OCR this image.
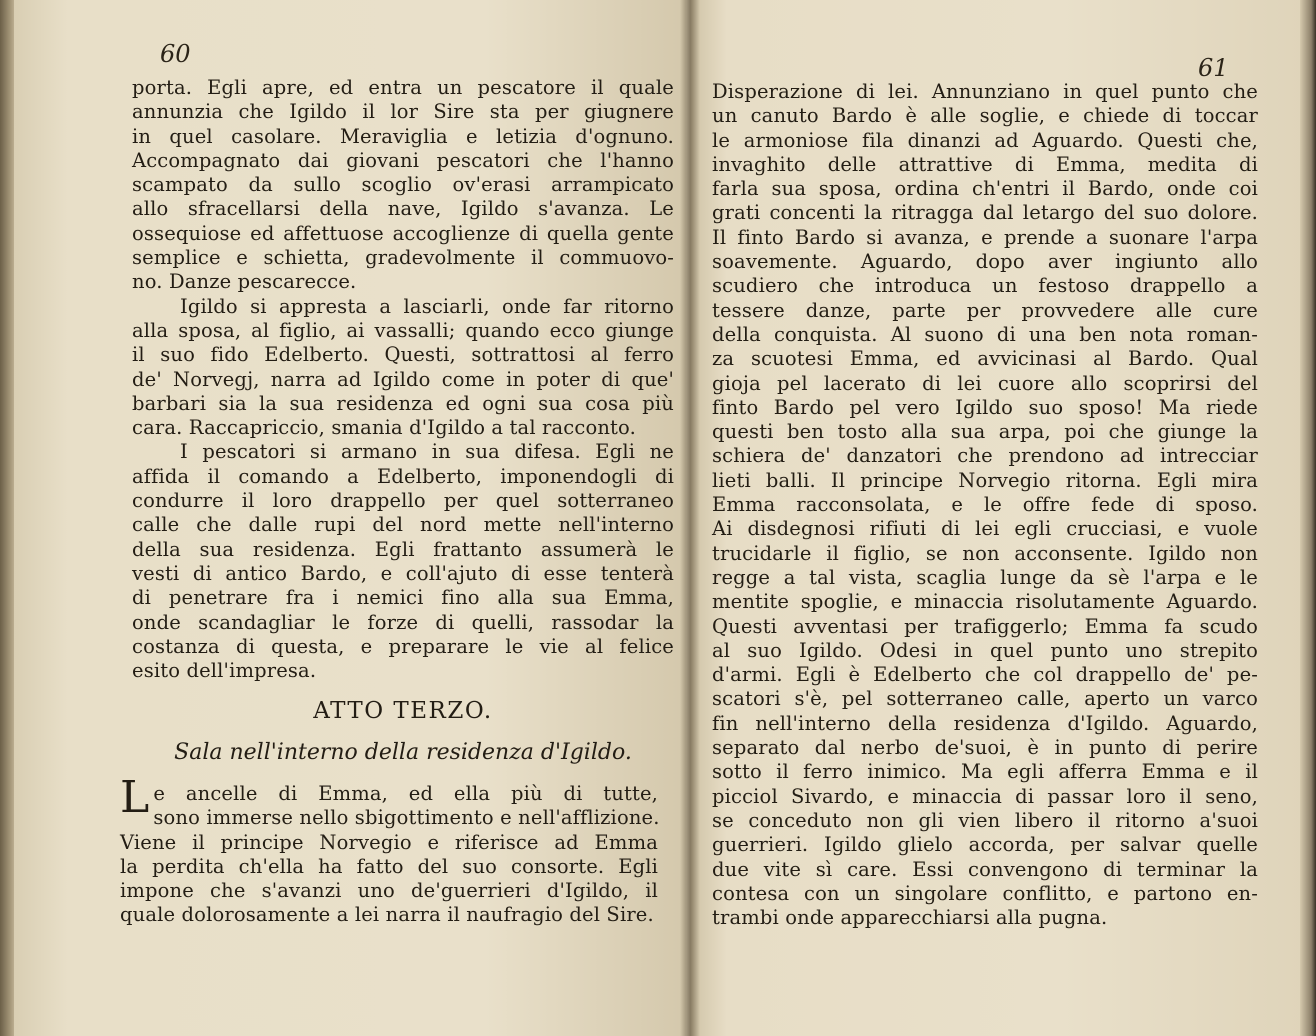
60	61
porta. Egli apre, ed entra un pescatore il quale
annunzia che Igildo il lor Sire sta per giugnere
in quel casolare. Meraviglia e letizia d'ognuno.
Accompagnato dai giovani pescatori che l'hanno
scampato da sullo scoglio ov'erasi arrampicato
allo sfracellarsi della nave, Igildo s'avanza. Le
ossequiose ed affettuose accoglienze di quella gente
semplice e schietta, gradevolmente il commuovo-
no. Danze pescarecce.
Igildo si appresta a lasciarli, onde far ritorno
alla sposa, al figlio, ai vassalli; quando ecco giunge
il suo fido Edelberto. Questi, sottrattosi al ferro
de' Norvegj, narra ad Igildo come in poter di que'
barbari sia la sua residenza ed ogni sua cosa più
cara. Raccapriccio, smania d'Igildo a tal racconto.
I pescatori si armano in sua difesa. Egli ne
affida il comando a Edelberto, imponendogli di
condurre il loro drappello per quel sotterraneo
calle che dalle rupi del nord mette nell'interno
della sua residenza. Egli frattanto assumerà le
vesti di antico Bardo, e coll'ajuto di esse tenterà
di penetrare fra i nemici fino alla sua Emma,
onde scandagliar le forze di quelli, rassodar la
costanza di questa, e preparare le vie al felice
esito dell'impresa.
ATTO TERZO.
Sala nell'interno della residenza d'Igildo.
L e ancelle di Emma, ed ella più di tutte,
sono immerse nello sbigottimento e nell'afflizione.
Viene il principe Norvegio e riferisce ad Emma
la perdita ch'ella ha fatto del suo consorte. Egli
impone che s'avanzi uno de'guerrieri d'Igildo, il
quale dolorosamente a lei narra il naufragio del Sire.
Disperazione di lei. Annunziano in quel punto che
un canuto Bardo è alle soglie, e chiede di toccar
le armoniose fila dinanzi ad Aguardo. Questi che,
invaghito delle attrattive di Emma, medita di
farla sua sposa, ordina ch'entri il Bardo, onde coi
grati concenti la ritragga dal letargo del suo dolore.
Il finto Bardo si avanza, e prende a suonare l'arpa
soavemente. Aguardo, dopo aver ingiunto allo
scudiero che introduca un festoso drappello a
tessere danze, parte per provvedere alle cure
della conquista. Al suono di una ben nota roman-
za scuotesi Emma, ed avvicinasi al Bardo. Qual
gioja pel lacerato di lei cuore allo scoprirsi del
finto Bardo pel vero Igildo suo sposo! Ma riede
questi ben tosto alla sua arpa, poi che giunge la
schiera de' danzatori che prendono ad intrecciar
lieti balli. Il principe Norvegio ritorna. Egli mira
Emma racconsolata, e le offre fede di sposo.
Ai disdegnosi rifiuti di lei egli crucciasi, e vuole
trucidarle il figlio, se non acconsente. Igildo non
regge a tal vista, scaglia lunge da sè l'arpa e le
mentite spoglie, e minaccia risolutamente Aguardo.
Questi avventasi per trafiggerlo; Emma fa scudo
al suo Igildo. Odesi in quel punto uno strepito
d'armi. Egli è Edelberto che col drappello de' pe-
scatori s'è, pel sotterraneo calle, aperto un varco
fin nell'interno della residenza d'Igildo. Aguardo,
separato dal nerbo de'suoi, è in punto di perire
sotto il ferro inimico. Ma egli afferra Emma e il
picciol Sivardo, e minaccia di passar loro il seno,
se conceduto non gli vien libero il ritorno a'suoi
guerrieri. Igildo glielo accorda, per salvar quelle
due vite sì care. Essi convengono di terminar la
contesa con un singolare conflitto, e partono en-
trambi onde apparecchiarsi alla pugna.
